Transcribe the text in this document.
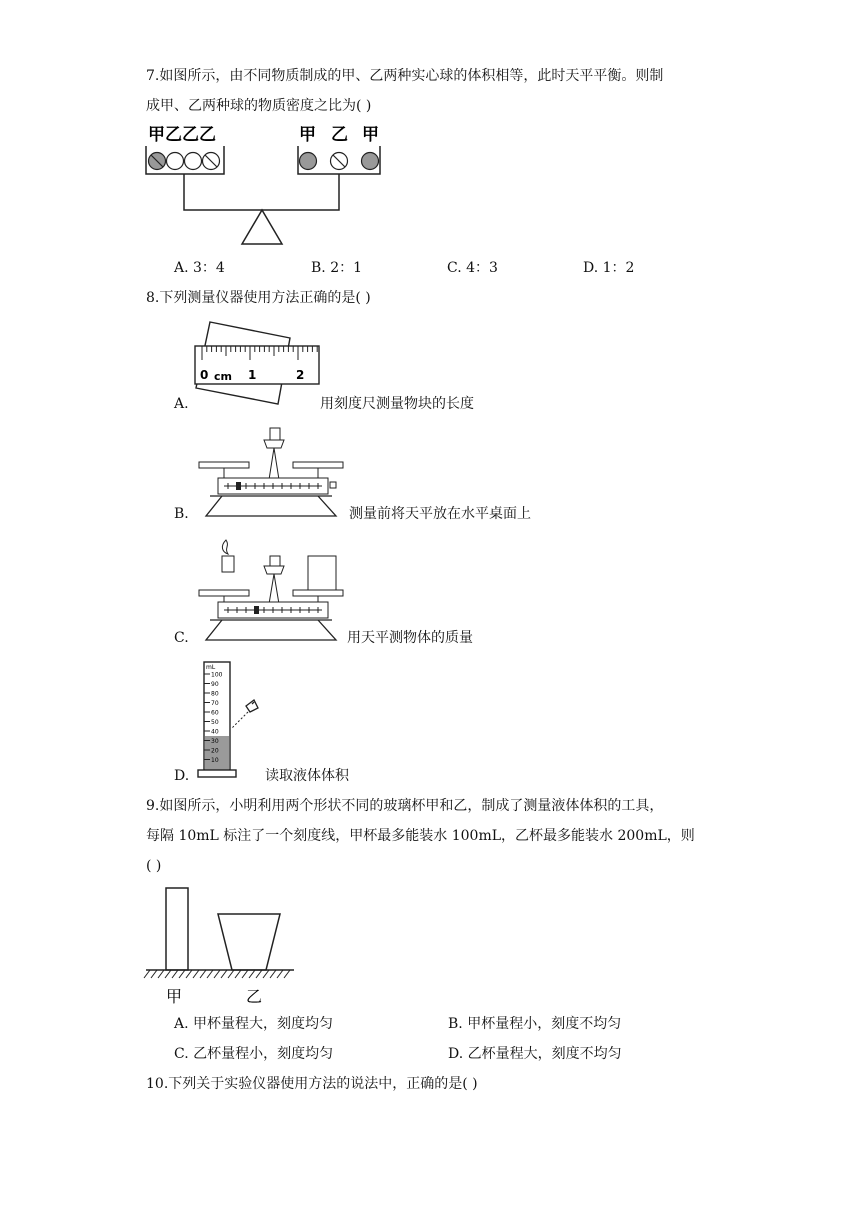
7.如图所示，由不同物质制成的甲、乙两种实心球的体积相等，此时天平平衡。则制
成甲、乙两种球的物质密度之比为( )
甲乙乙乙	甲 乙 甲
A. 3：4	B. 2：1	C. 4：3	D. 1：2
8.下列测量仪器使用方法正确的是( )
0 cm 1	2
A.	用刻度尺测量物块的长度
B.	测量前将天平放在水平桌面上
C.	用天平测物体的质量
mL
100
90
80
70
60
50
40
30
20
10
D.	读取液体体积
9.如图所示，小明利用两个形状不同的玻璃杯甲和乙，制成了测量液体体积的工具，
每隔 10mL 标注了一个刻度线，甲杯最多能装水 100mL，乙杯最多能装水 200mL，则
( )
甲	乙
A. 甲杯量程大，刻度均匀	B. 甲杯量程小，刻度不均匀
C. 乙杯量程小，刻度均匀	D. 乙杯量程大，刻度不均匀
10.下列关于实验仪器使用方法的说法中，正确的是( )
